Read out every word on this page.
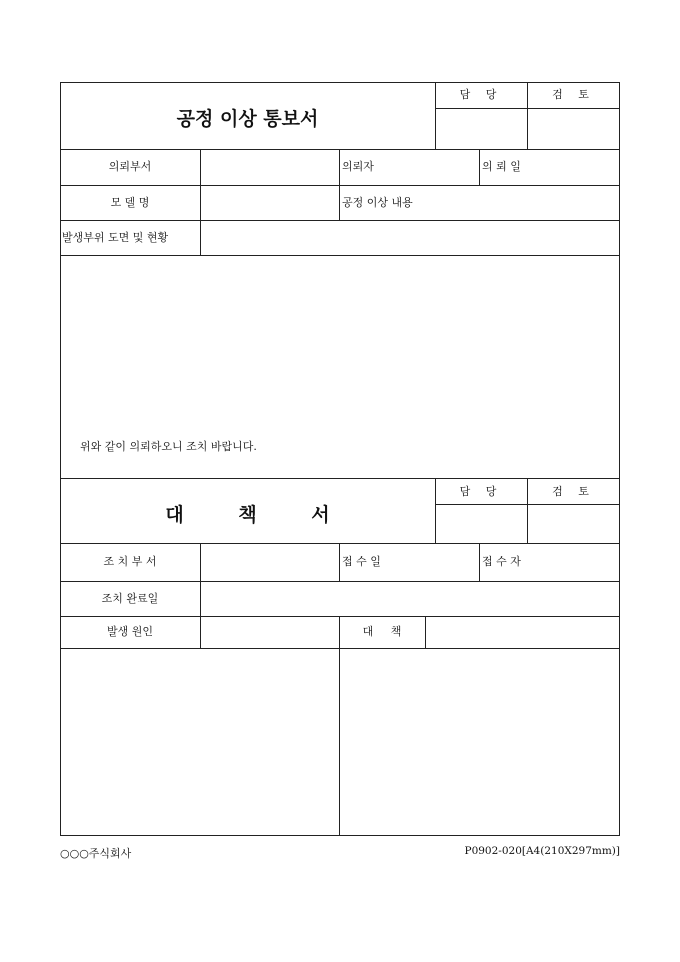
공정 이상 통보서
담 당	검 토
의뢰부서	의뢰자	의 뢰 일
모 델 명	공정 이상 내용
발생부위 도면 및 현황
위와 같이 의뢰하오니 조치 바랍니다.
대 책 서
담 당	검 토
조 치 부 서	접 수 일	접 수 자
조치 완료일
발생 원인	대 책
○○○주식회사	P0902-020[A4(210X297mm)]
